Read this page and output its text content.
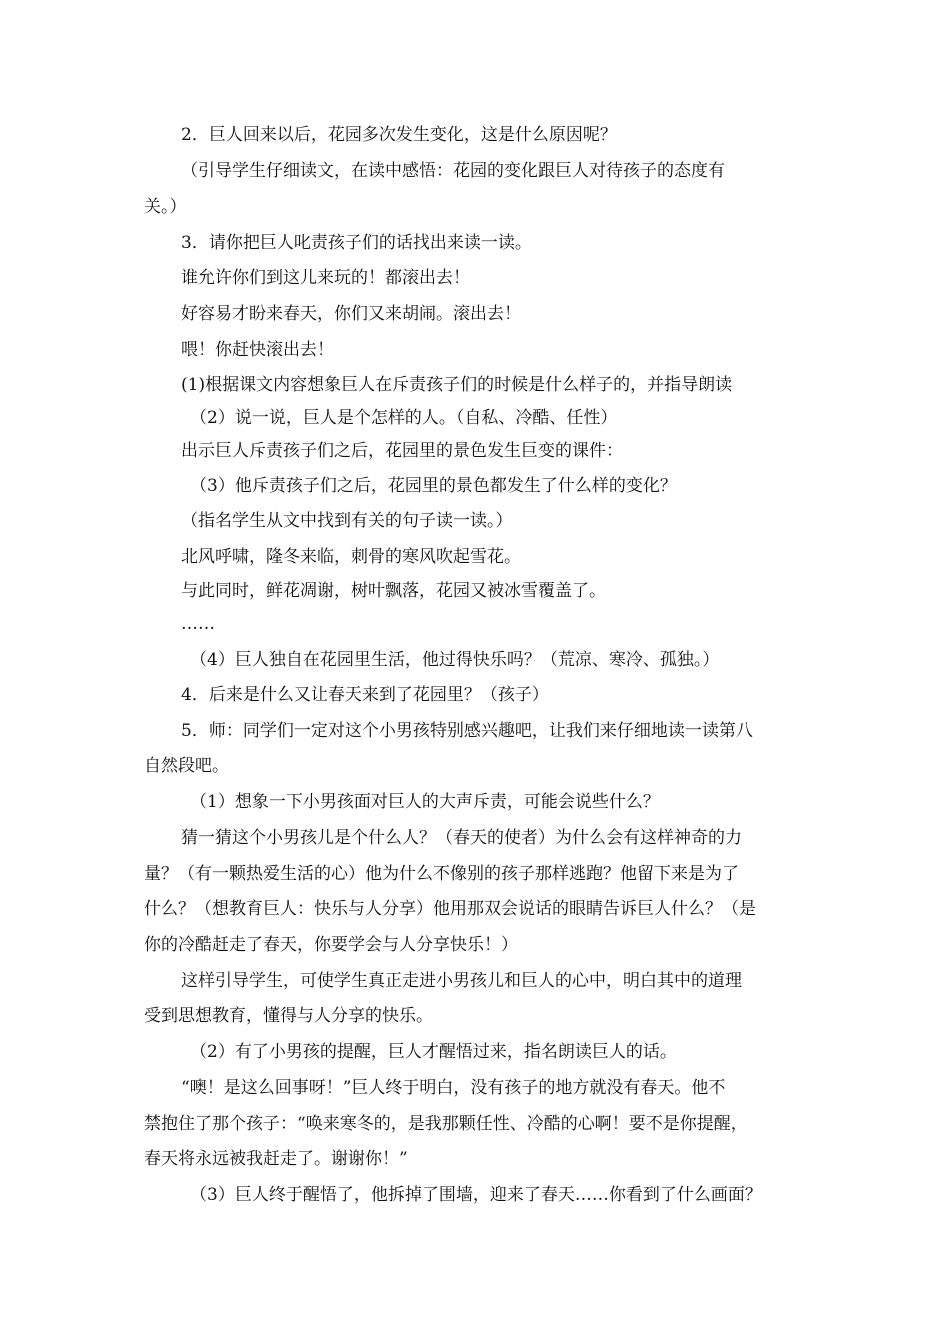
2．巨人回来以后，花园多次发生变化，这是什么原因呢？
（引导学生仔细读文，在读中感悟：花园的变化跟巨人对待孩子的态度有
关。）
3．请你把巨人叱责孩子们的话找出来读一读。
谁允许你们到这儿来玩的！都滚出去！
好容易才盼来春天，你们又来胡闹。滚出去！
喂！你赶快滚出去！
(1)根据课文内容想象巨人在斥责孩子们的时候是什么样子的，并指导朗读
（2）说一说，巨人是个怎样的人。（自私、冷酷、任性）
出示巨人斥责孩子们之后，花园里的景色发生巨变的课件：
（3）他斥责孩子们之后，花园里的景色都发生了什么样的变化？
（指名学生从文中找到有关的句子读一读。）
北风呼啸，隆冬来临，刺骨的寒风吹起雪花。
与此同时，鲜花凋谢，树叶飘落，花园又被冰雪覆盖了。
……
（4）巨人独自在花园里生活，他过得快乐吗？（荒凉、寒冷、孤独。）
4．后来是什么又让春天来到了花园里？（孩子）
5．师：同学们一定对这个小男孩特别感兴趣吧，让我们来仔细地读一读第八
自然段吧。
（1）想象一下小男孩面对巨人的大声斥责，可能会说些什么？
猜一猜这个小男孩儿是个什么人？（春天的使者）为什么会有这样神奇的力
量？（有一颗热爱生活的心）他为什么不像别的孩子那样逃跑？他留下来是为了
什么？（想教育巨人：快乐与人分享）他用那双会说话的眼睛告诉巨人什么？（是
你的冷酷赶走了春天，你要学会与人分享快乐！）
这样引导学生，可使学生真正走进小男孩儿和巨人的心中，明白其中的道理
受到思想教育，懂得与人分享的快乐。
（2）有了小男孩的提醒，巨人才醒悟过来，指名朗读巨人的话。
“噢！是这么回事呀！”巨人终于明白，没有孩子的地方就没有春天。他不
禁抱住了那个孩子：“唤来寒冬的，是我那颗任性、冷酷的心啊！要不是你提醒，
春天将永远被我赶走了。谢谢你！”
（3）巨人终于醒悟了，他拆掉了围墙，迎来了春天……你看到了什么画面？
